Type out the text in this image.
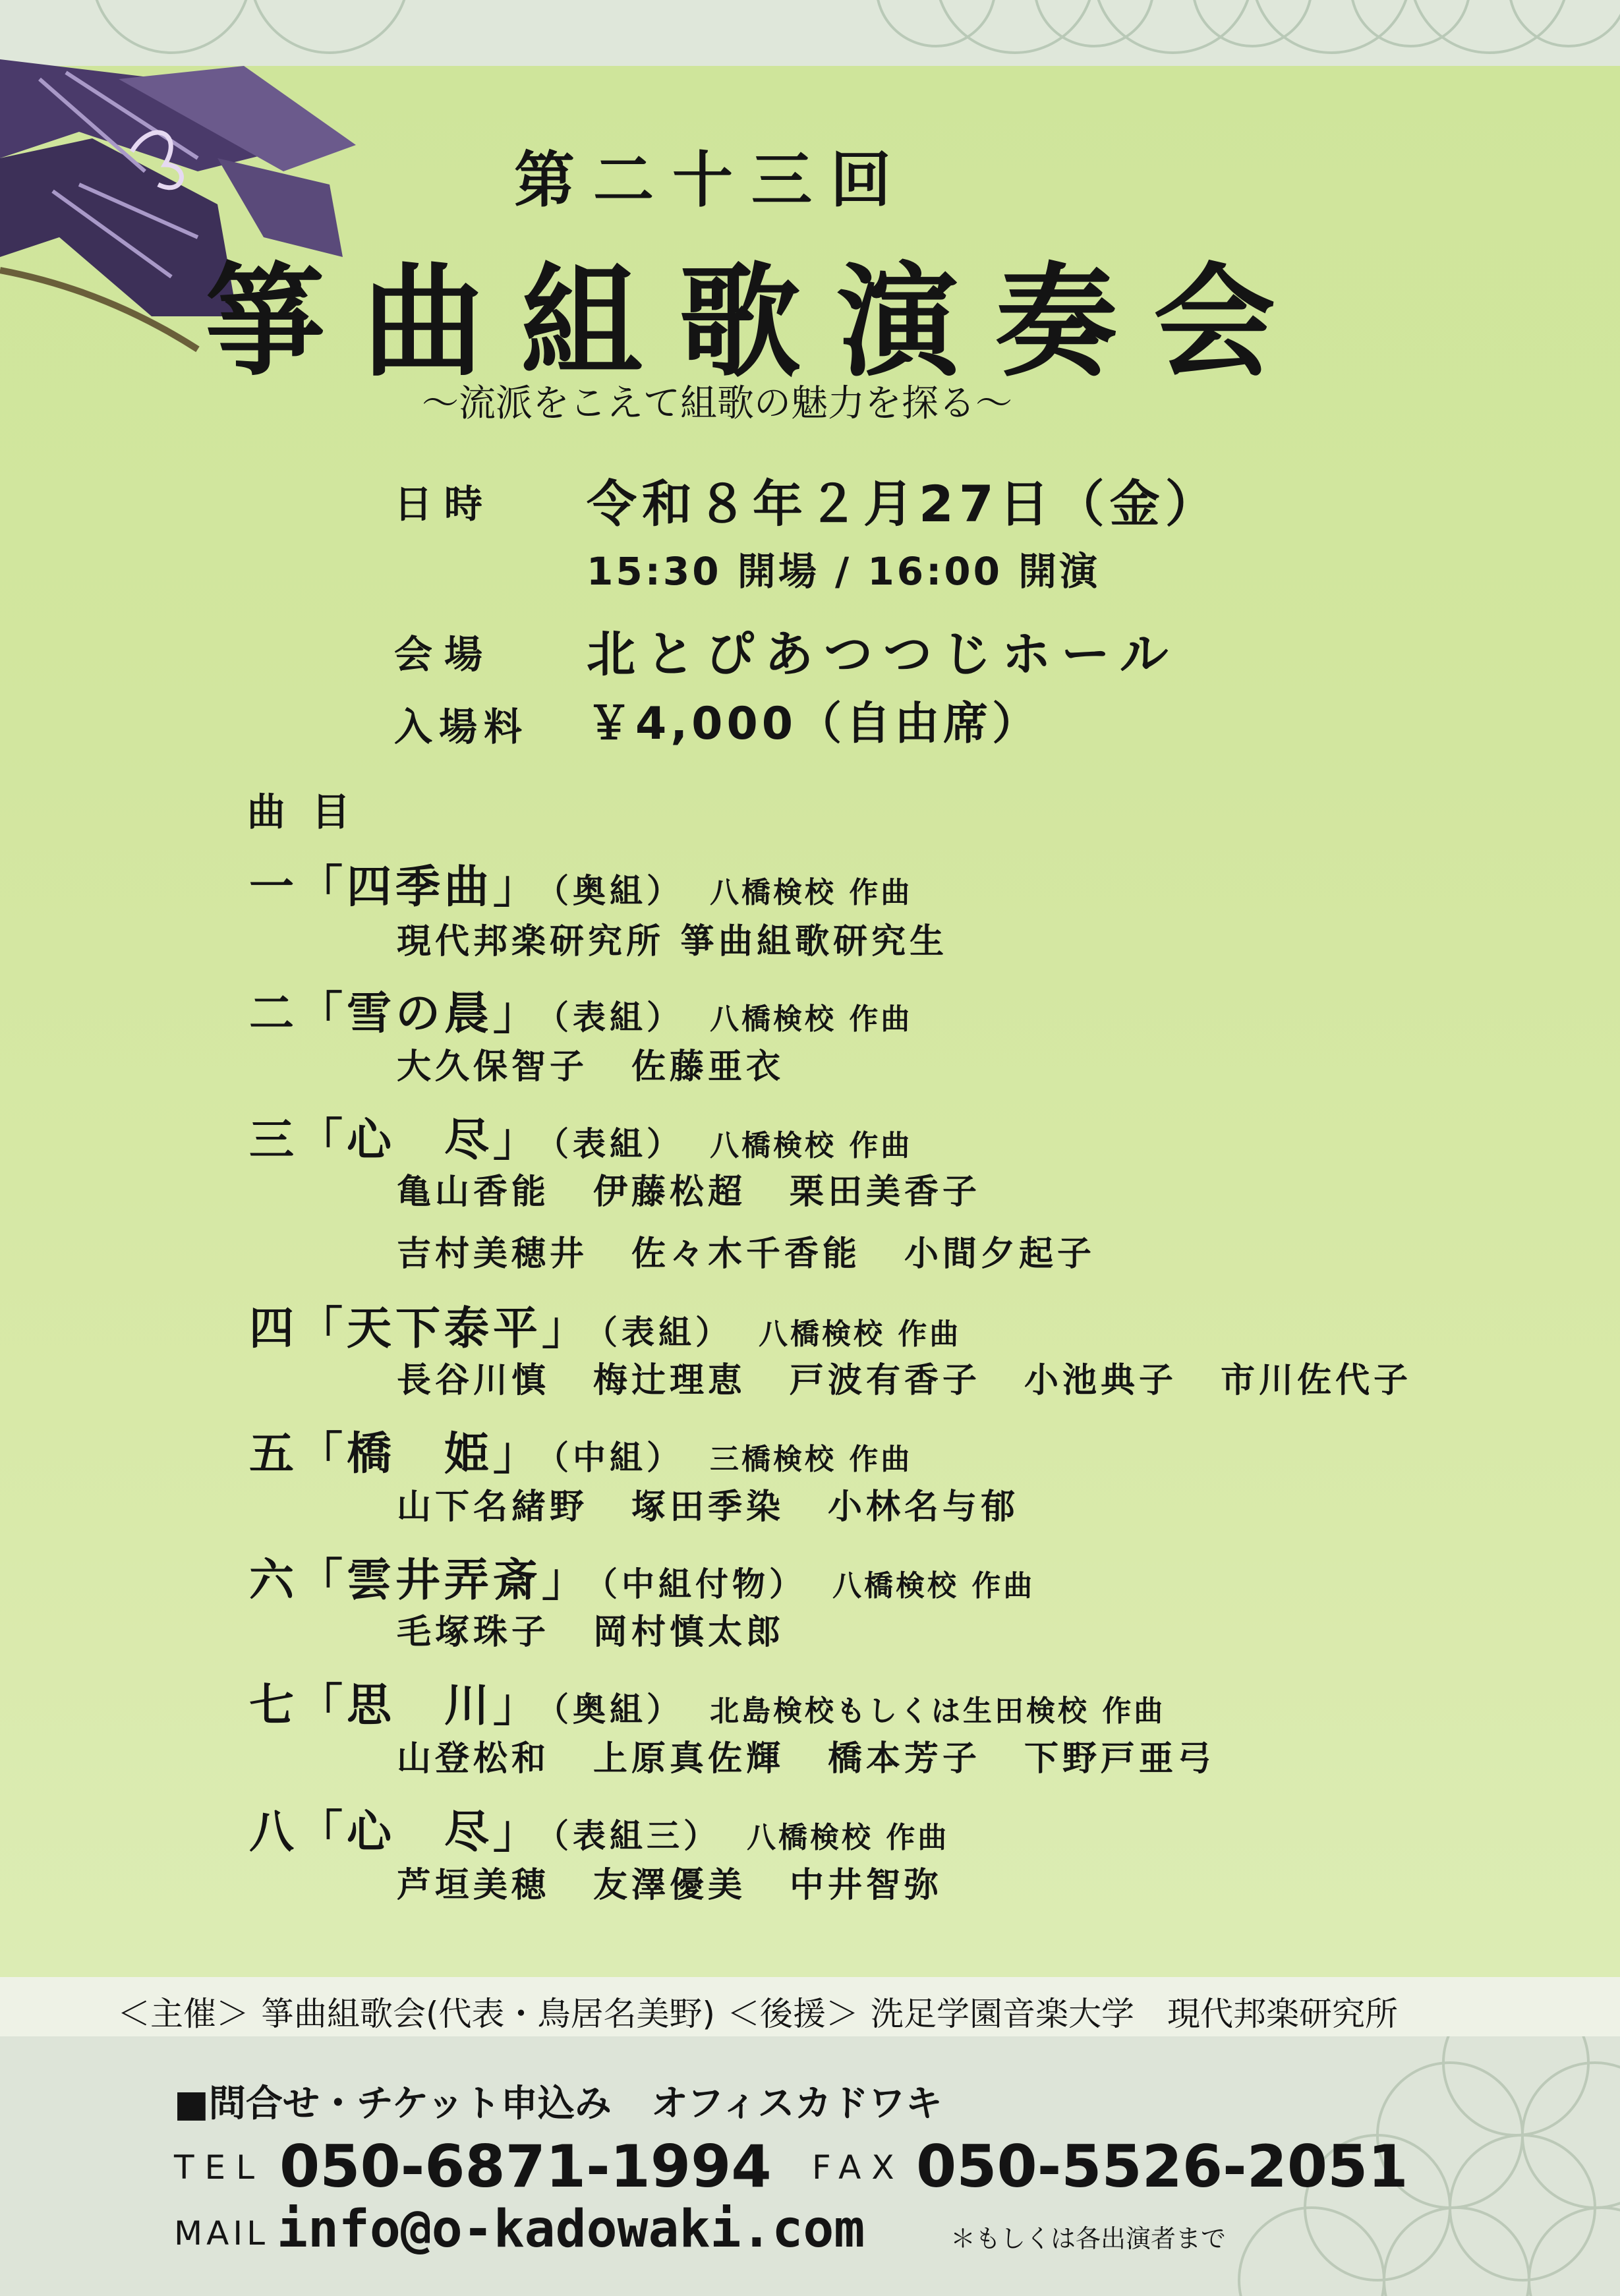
第二十三回
箏曲組歌演奏会
〜流派をこえて組歌の魅力を探る〜
日時 令和８年２月27日（金）
15:30 開場 / 16:00 開演
会場 北とぴあつつじホール
入場料 ￥4,000（自由席）
曲目
一「四季曲」 （奥組） 八橋検校 作曲
現代邦楽研究所 箏曲組歌研究生
二「雪の晨」 （表組） 八橋検校 作曲
大久保智子 佐藤亜衣
三「心　尽」 （表組） 八橋検校 作曲
亀山香能 伊藤松超 栗田美香子
吉村美穂井 佐々木千香能 小間夕起子
四「天下泰平」 （表組） 八橋検校 作曲
長谷川慎 梅辻理恵 戸波有香子 小池典子 市川佐代子
五「橋　姫」 （中組） 三橋検校 作曲
山下名緒野 塚田季染 小林名与郁
六「雲井弄斎」 （中組付物） 八橋検校 作曲
毛塚珠子 岡村慎太郎
七「思　川」 （奥組） 北島検校もしくは生田検校 作曲
山登松和 上原真佐輝 橋本芳子 下野戸亜弓
八「心　尽」 （表組三） 八橋検校 作曲
芦垣美穂 友澤優美 中井智弥
＜主催＞ 箏曲組歌会(代表・鳥居名美野) ＜後援＞ 洗足学園音楽大学　現代邦楽研究所
■問合せ・チケット申込み オフィスカドワキ
TEL 050-6871-1994 FAX 050-5526-2051
MAIL info@o-kadowaki.com	＊もしくは各出演者まで
